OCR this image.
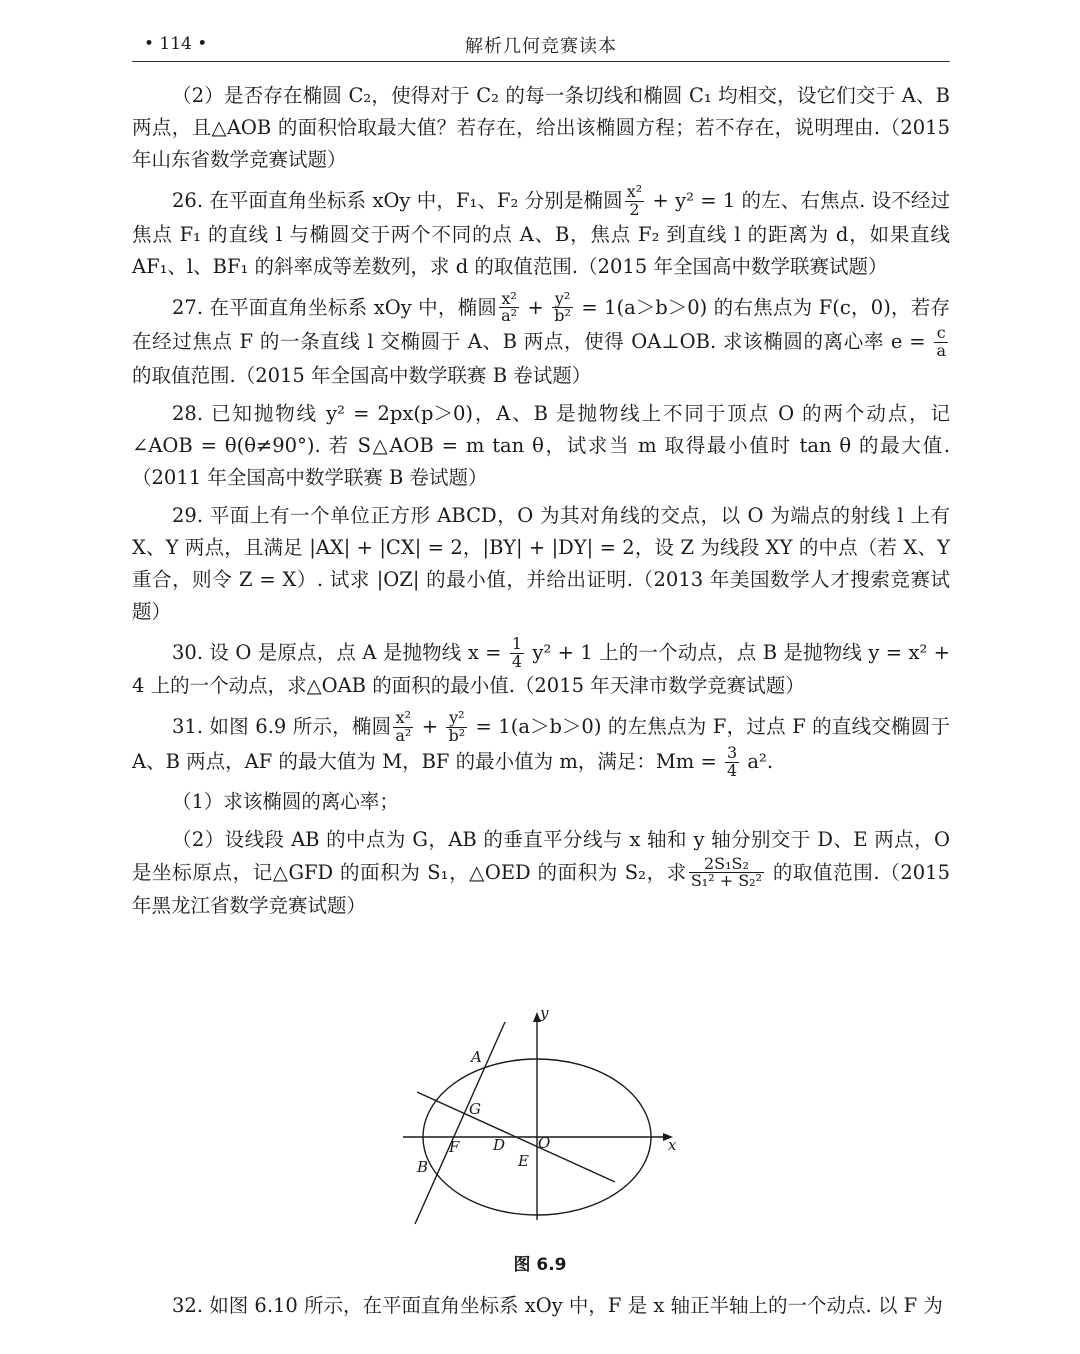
• 114 •	解析几何竞赛读本

（2）是否存在椭圆 C₂，使得对于 C₂ 的每一条切线和椭圆 C₁ 均相交，设它们交于 A、B 两点，且△AOB 的面积恰取最大值？若存在，给出该椭圆方程；若不存在，说明理由.（2015 年山东省数学竞赛试题）

26. 在平面直角坐标系 xOy 中，F₁、F₂ 分别是椭圆 $\frac{\text{x²}}{2} + y^2 = 1$ 的左、右焦点. 设不经过焦点 F₁ 的直线 l 与椭圆交于两个不同的点 A、B，焦点 F₂ 到直线 l 的距离为 d，如果直线 AF₁、l、BF₁ 的斜率成等差数列，求 d 的取值范围.（2015 年全国高中数学联赛试题）

27. 在平面直角坐标系 xOy 中，椭圆 $\frac{\text{x²}}{\text{a²}} + \frac{\text{y²}}{\text{b²}} = 1(a>b>0)$ 的右焦点为 F(c，0)，若存在经过焦点 F 的一条直线 l 交椭圆于 A、B 两点，使得 OA⊥OB. 求该椭圆的离心率 $e = \frac{c}{a}$
的取值范围.（2015 年全国高中数学联赛 B 卷试题）

28. 已知抛物线 y² = 2px(p＞0)，A、B 是抛物线上不同于顶点 O 的两个动点，记∠AOB = θ(θ≠90°). 若 S△AOB = m tan θ，试求当 m 取得最小值时 tan θ 的最大值.（2011 年全国高中数学联赛 B 卷试题）

29. 平面上有一个单位正方形 ABCD，O 为其对角线的交点，以 O 为端点的射线 l 上有 X、Y 两点，且满足 |AX| + |CX| = 2，|BY| + |DY| = 2，设 Z 为线段 XY 的中点（若 X、Y 重合，则令 Z = X）. 试求 |OZ| 的最小值，并给出证明.（2013 年美国数学人才搜索竞赛试题）

30. 设 O 是原点，点 A 是抛物线 $x = \frac{1}{4} y^2 + 1$ 上的一个动点，点 B 是抛物线 y = x² + 4 上的一个动点，求△OAB 的面积的最小值.（2015 年天津市数学竞赛试题）

31. 如图 6.9 所示，椭圆 $\frac{\text{x²}}{\text{a²}} + \frac{\text{y²}}{\text{b²}} = 1(a>b>0)$ 的左焦点为 F，过点 F 的直线交椭圆于 A、B 两点，AF 的最大值为 M，BF 的最小值为 m，满足：$Mm = \frac{3}{4} a^2$.

（1）求该椭圆的离心率；

（2）设线段 AB 的中点为 G，AB 的垂直平分线与 x 轴和 y 轴分别交于 D、E 两点，O 是坐标原点，记△GFD 的面积为 S₁，△OED 的面积为 S₂，求 $\frac{\text{2S₁S₂}}{\text{S₁² + S₂²}}$ 的取值范围.（2015 年黑龙江省数学竞赛试题）

y
x
A
G
F D O
E
B
图 6.9

32. 如图 6.10 所示，在平面直角坐标系 xOy 中，F 是 x 轴正半轴上的一个动点. 以 F 为
